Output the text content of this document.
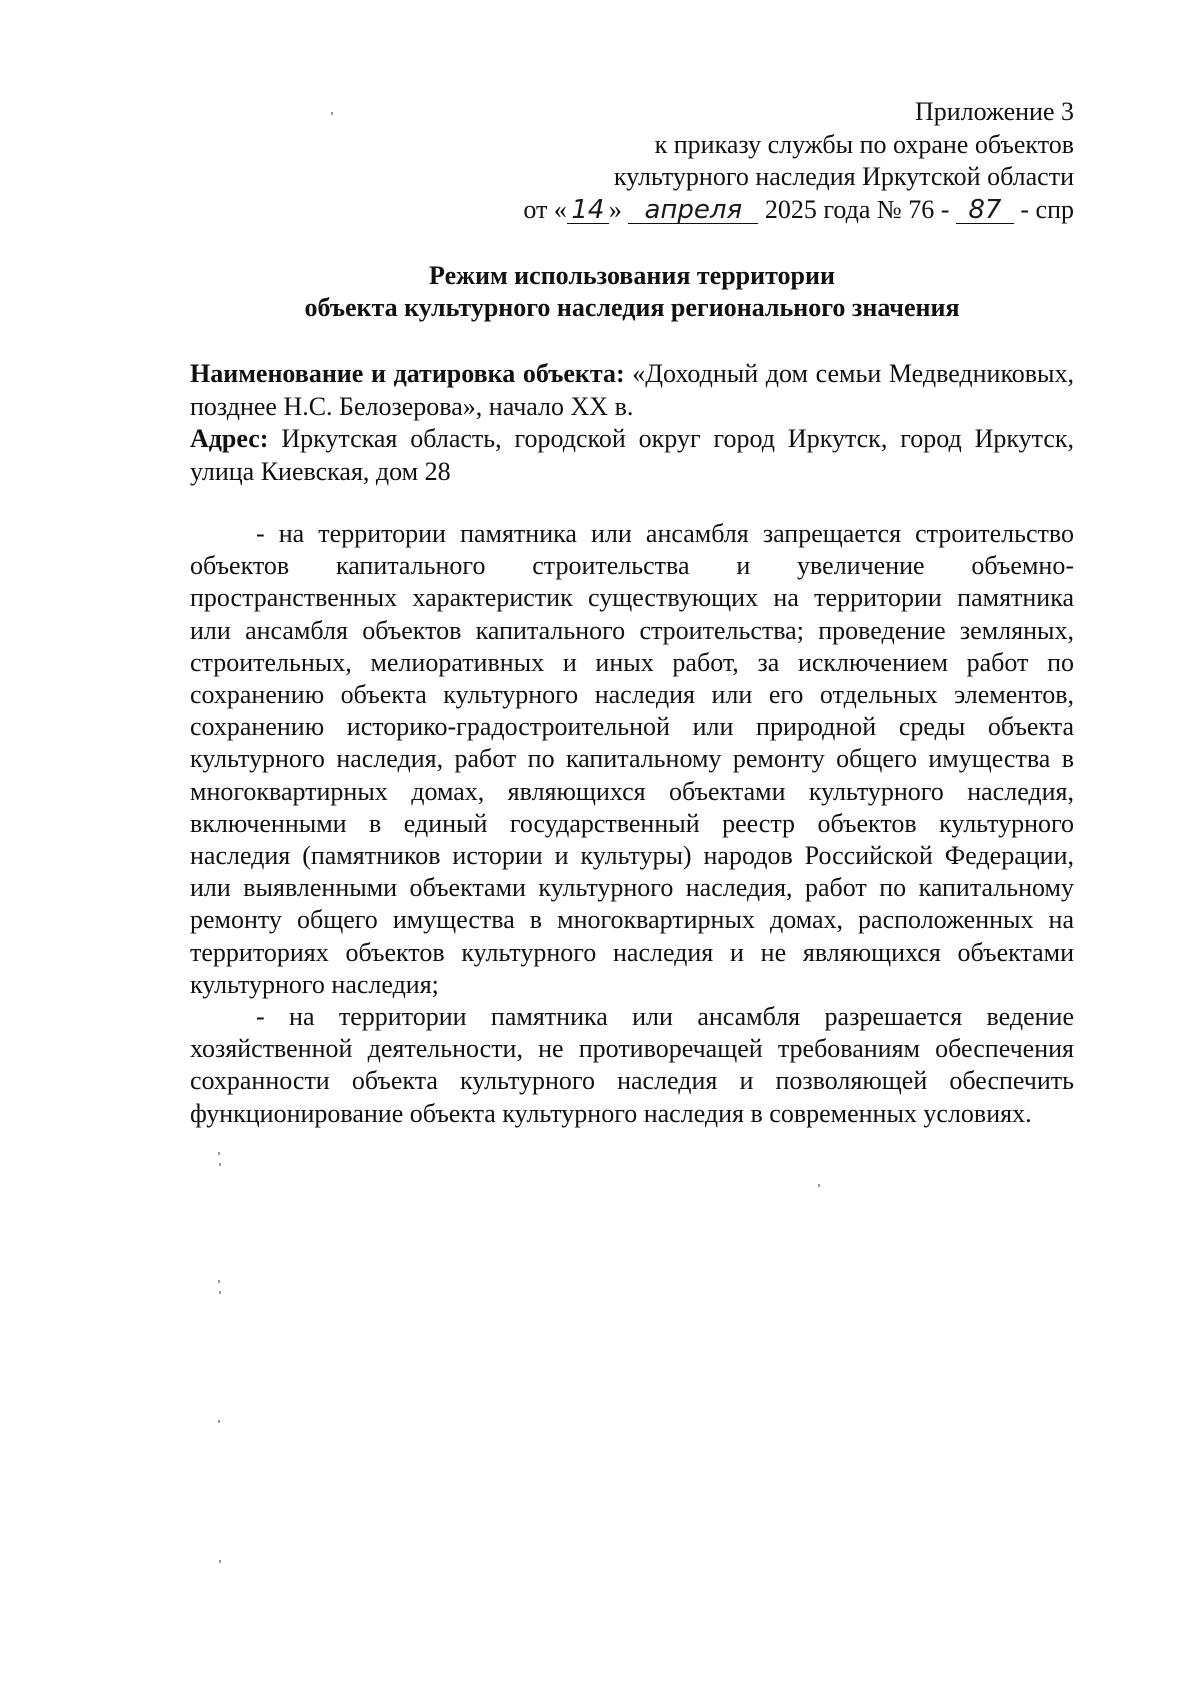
Приложение 3
к приказу службы по охране объектов
культурного наследия Иркутской области
от « 14 » апреля 2025 года № 76 - 87 - спр
Режим использования территории
объекта культурного наследия регионального значения

Наименование и датировка объекта: «Доходный дом семьи Медведниковых, позднее Н.С. Белозерова», начало XX в.

Адрес: Иркутская область, городской округ город Иркутск, город Иркутск, улица Киевская, дом 28

- на территории памятника или ансамбля запрещается строительство объектов капитального строительства и увеличение объемно-пространственных характеристик существующих на территории памятника или ансамбля объектов капитального строительства; проведение земляных, строительных, мелиоративных и иных работ, за исключением работ по сохранению объекта культурного наследия или его отдельных элементов, сохранению историко-градостроительной или природной среды объекта культурного наследия, работ по капитальному ремонту общего имущества в многоквартирных домах, являющихся объектами культурного наследия, включенными в единый государственный реестр объектов культурного наследия (памятников истории и культуры) народов Российской Федерации, или выявленными объектами культурного наследия, работ по капитальному ремонту общего имущества в многоквартирных домах, расположенных на территориях объектов культурного наследия и не являющихся объектами культурного наследия;

- на территории памятника или ансамбля разрешается ведение хозяйственной деятельности, не противоречащей требованиям обеспечения сохранности объекта культурного наследия и позволяющей обеспечить функционирование объекта культурного наследия в современных условиях.
